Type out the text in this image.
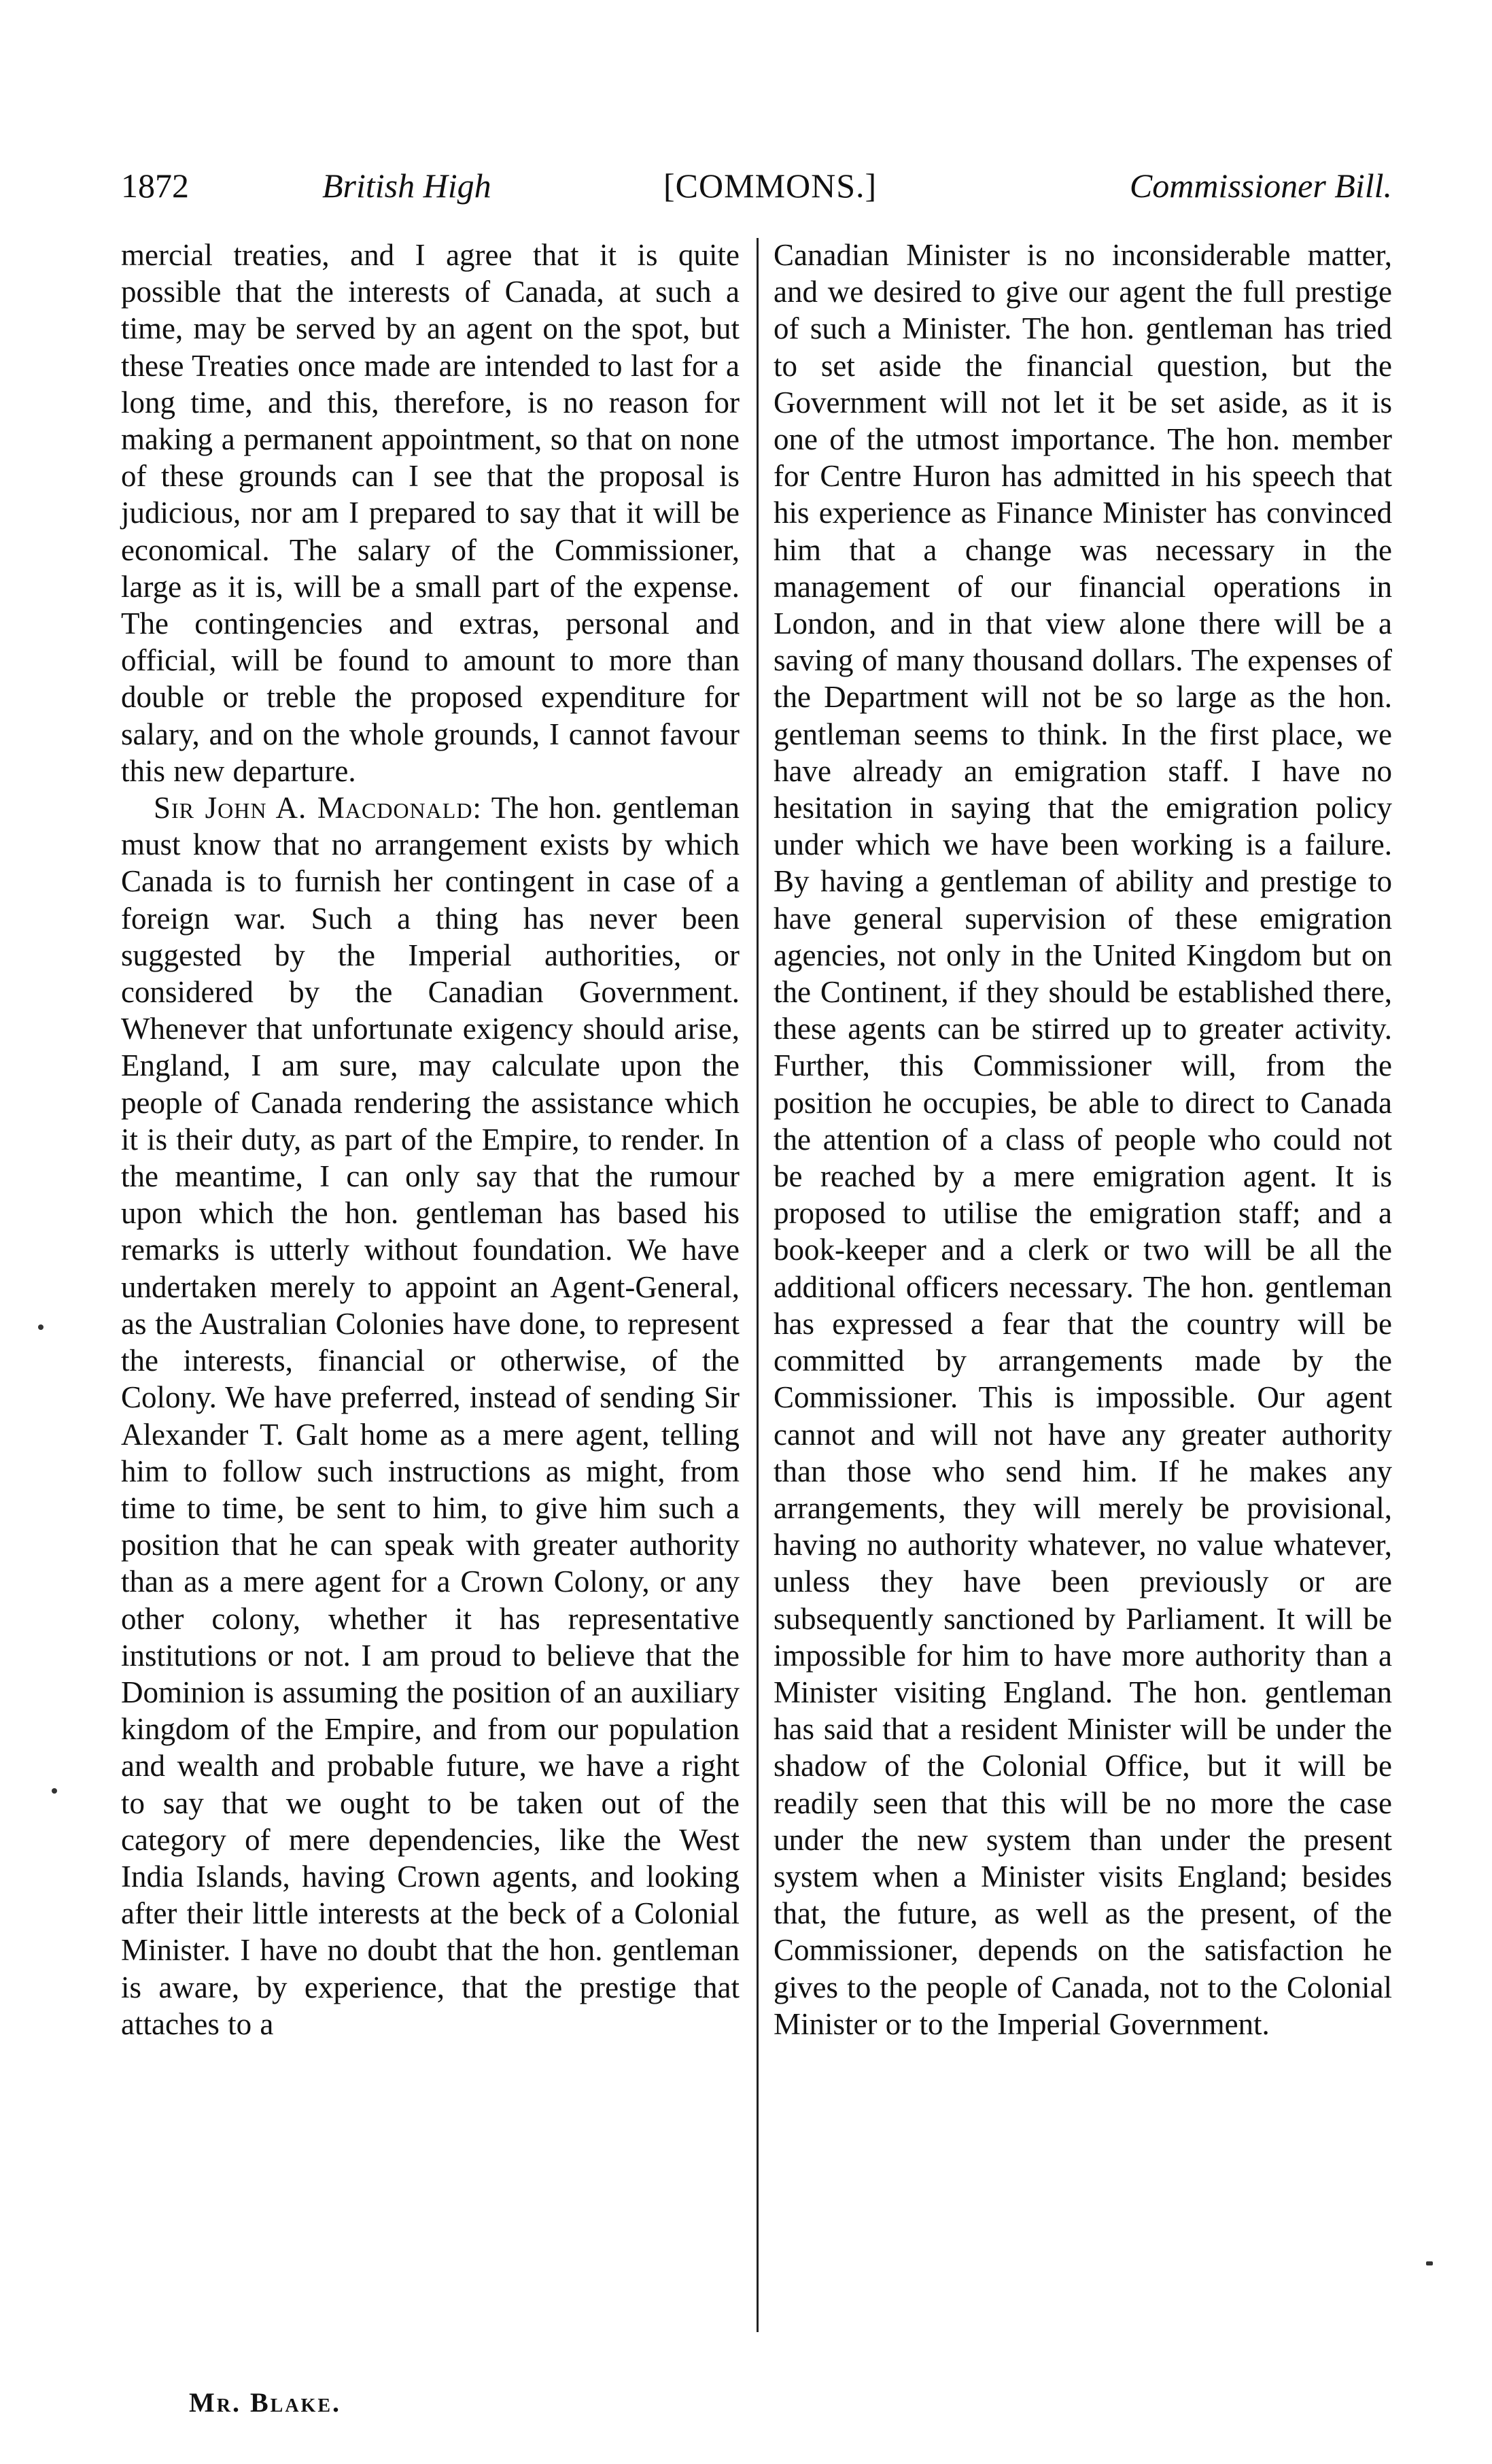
1872	British High	[COMMONS.]	Commissioner Bill.

mercial treaties, and I agree that it is quite possible that the interests of Canada, at such a time, may be served by an agent on the spot, but these Treaties once made are intended to last for a long time, and this, therefore, is no reason for making a permanent appointment, so that on none of these grounds can I see that the proposal is judicious, nor am I prepared to say that it will be economical. The salary of the Commissioner, large as it is, will be a small part of the expense. The contingencies and extras, personal and official, will be found to amount to more than double or treble the proposed expenditure for salary, and on the whole grounds, I cannot favour this new departure.

Sir John A. Macdonald: The hon. gentleman must know that no arrangement exists by which Canada is to furnish her contingent in case of a foreign war. Such a thing has never been suggested by the Imperial authorities, or considered by the Canadian Government. Whenever that unfortunate exigency should arise, England, I am sure, may calculate upon the people of Canada rendering the assistance which it is their duty, as part of the Empire, to render. In the meantime, I can only say that the rumour upon which the hon. gentleman has based his remarks is utterly without foundation. We have undertaken merely to appoint an Agent-General, as the Australian Colonies have done, to represent the interests, financial or otherwise, of the Colony. We have preferred, instead of sending Sir Alexander T. Galt home as a mere agent, telling him to follow such instructions as might, from time to time, be sent to him, to give him such a position that he can speak with greater authority than as a mere agent for a Crown Colony, or any other colony, whether it has representative institutions or not. I am proud to believe that the Dominion is assuming the position of an auxiliary kingdom of the Empire, and from our population and wealth and probable future, we have a right to say that we ought to be taken out of the category of mere dependencies, like the West India Islands, having Crown agents, and looking after their little interests at the beck of a Colonial Minister. I have no doubt that the hon. gentleman is aware, by experience, that the prestige that attaches to a

Canadian Minister is no inconsiderable matter, and we desired to give our agent the full prestige of such a Minister. The hon. gentleman has tried to set aside the financial question, but the Government will not let it be set aside, as it is one of the utmost importance. The hon. member for Centre Huron has admitted in his speech that his experience as Finance Minister has convinced him that a change was necessary in the management of our financial operations in London, and in that view alone there will be a saving of many thousand dollars. The expenses of the Department will not be so large as the hon. gentleman seems to think. In the first place, we have already an emigration staff. I have no hesitation in saying that the emigration policy under which we have been working is a failure. By having a gentleman of ability and prestige to have general supervision of these emigration agencies, not only in the United Kingdom but on the Continent, if they should be established there, these agents can be stirred up to greater activity. Further, this Commissioner will, from the position he occupies, be able to direct to Canada the attention of a class of people who could not be reached by a mere emigration agent. It is proposed to utilise the emigration staff; and a book-keeper and a clerk or two will be all the additional officers necessary. The hon. gentleman has expressed a fear that the country will be committed by arrangements made by the Commissioner. This is impossible. Our agent cannot and will not have any greater authority than those who send him. If he makes any arrangements, they will merely be provisional, having no authority whatever, no value whatever, unless they have been previously or are subsequently sanctioned by Parliament. It will be impossible for him to have more authority than a Minister visiting England. The hon. gentleman has said that a resident Minister will be under the shadow of the Colonial Office, but it will be readily seen that this will be no more the case under the new system than under the present system when a Minister visits England; besides that, the future, as well as the present, of the Commissioner, depends on the satisfaction he gives to the people of Canada, not to the Colonial Minister or to the Imperial Government.

Mr. Blake.
